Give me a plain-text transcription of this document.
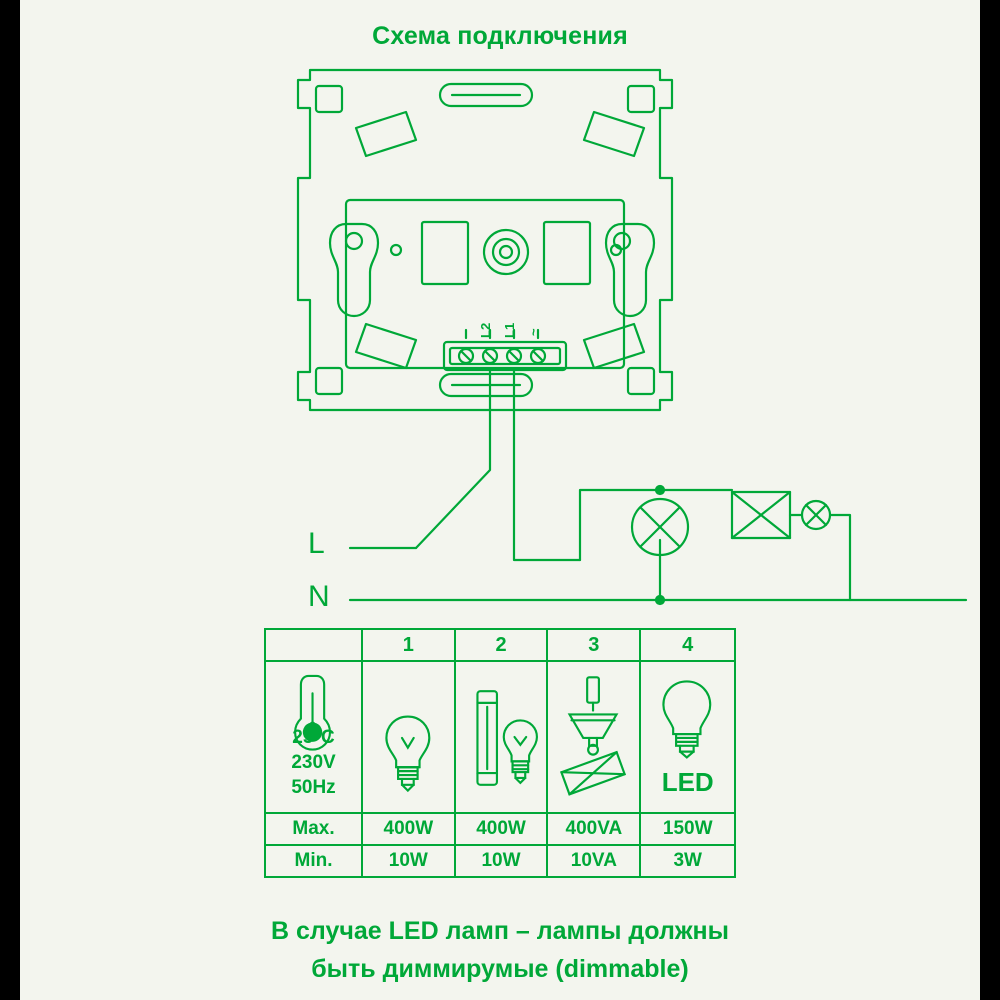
Схема подключения
L2 L1 ~
L
N
	1	2	3	4

25°C
230V
50Hz				LED

Max.	400W	400W	400VA	150W
Min.	10W	10W	10VA	3W
В случае LED ламп – лампы должны
быть диммирумые (dimmable)
